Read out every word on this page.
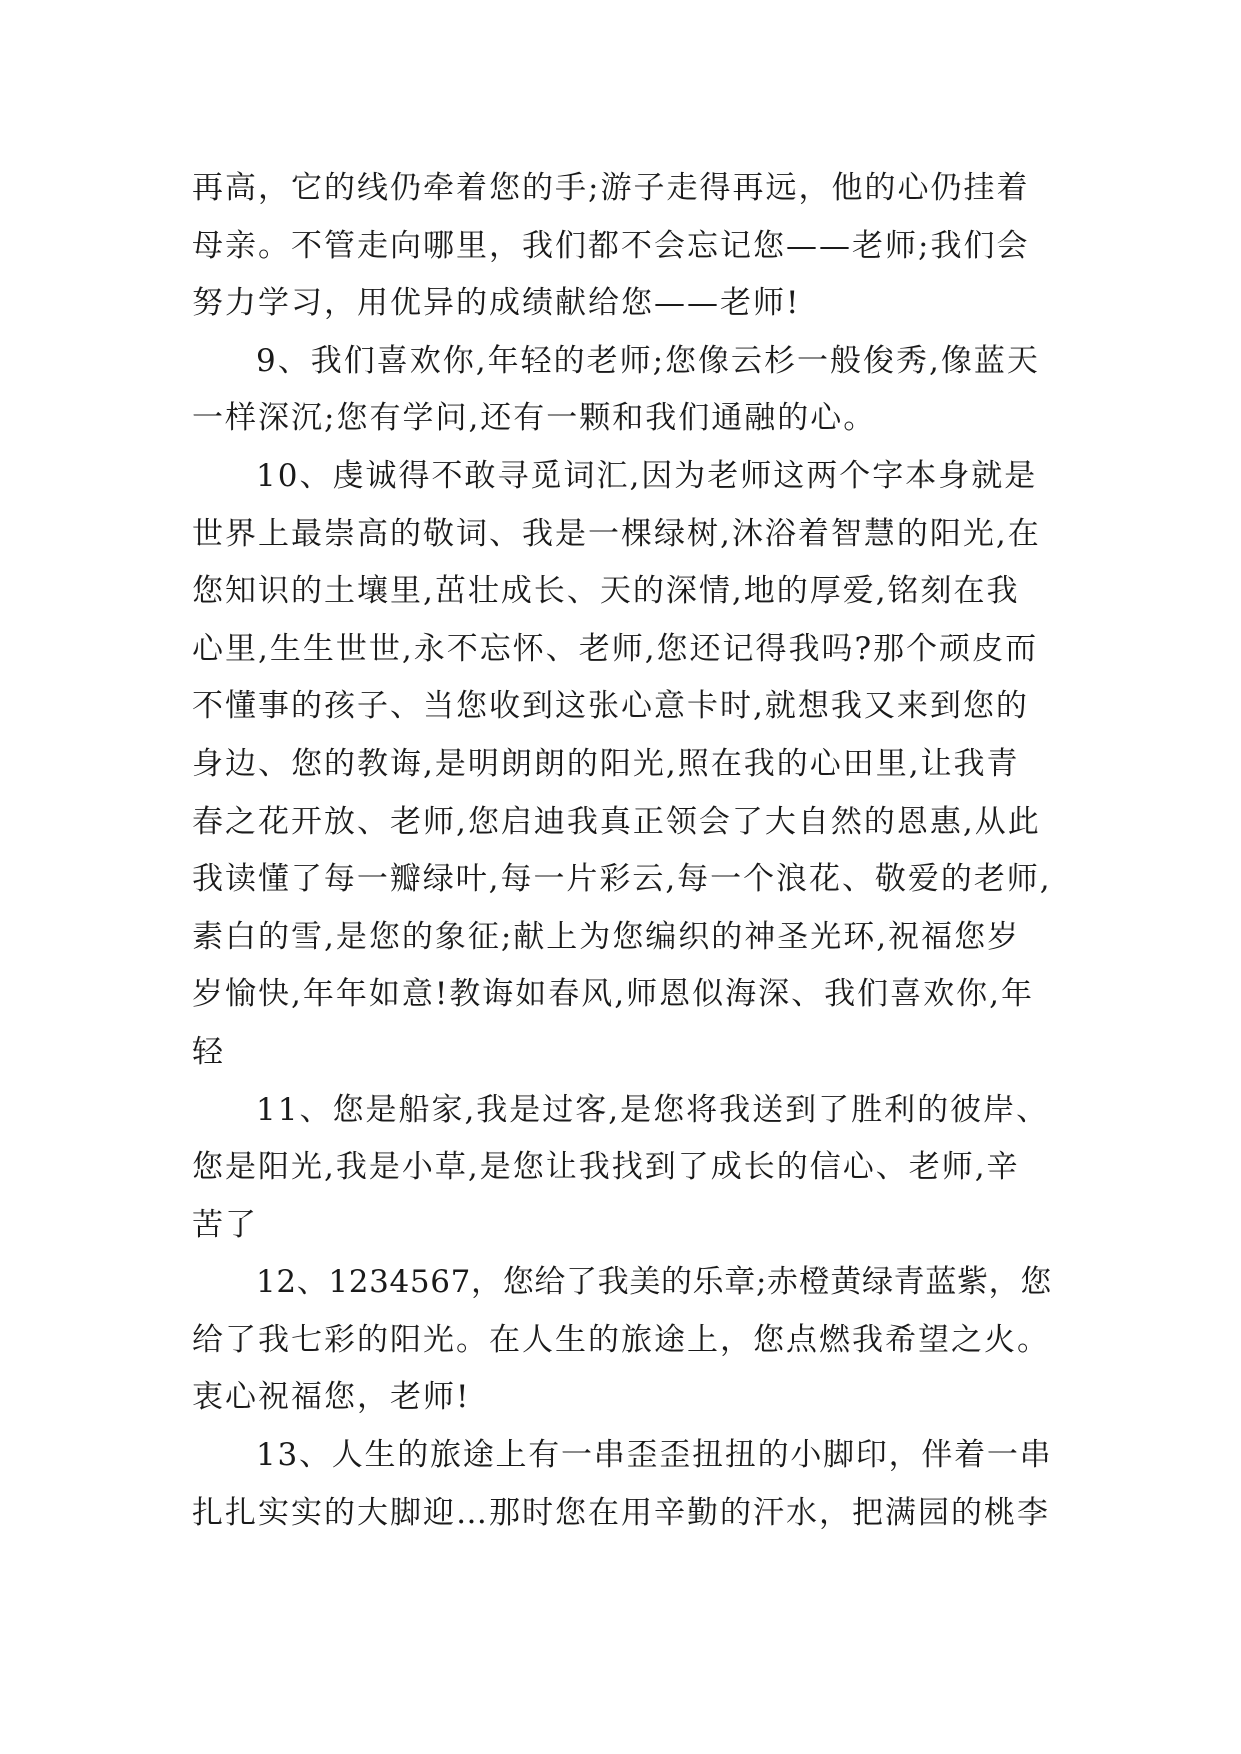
再高，它的线仍牵着您的手;游子走得再远，他的心仍挂着
母亲。不管走向哪里，我们都不会忘记您——老师;我们会
努力学习，用优异的成绩献给您——老师!
9、我们喜欢你,年轻的老师;您像云杉一般俊秀,像蓝天
一样深沉;您有学问,还有一颗和我们通融的心。
10、虔诚得不敢寻觅词汇,因为老师这两个字本身就是
世界上最崇高的敬词、我是一棵绿树,沐浴着智慧的阳光,在
您知识的土壤里,茁壮成长、天的深情,地的厚爱,铭刻在我
心里,生生世世,永不忘怀、老师,您还记得我吗?那个顽皮而
不懂事的孩子、当您收到这张心意卡时,就想我又来到您的
身边、您的教诲,是明朗朗的阳光,照在我的心田里,让我青
春之花开放、老师,您启迪我真正领会了大自然的恩惠,从此
我读懂了每一瓣绿叶,每一片彩云,每一个浪花、敬爱的老师,
素白的雪,是您的象征;献上为您编织的神圣光环,祝福您岁
岁愉快,年年如意!教诲如春风,师恩似海深、我们喜欢你,年
轻
11、您是船家,我是过客,是您将我送到了胜利的彼岸、
您是阳光,我是小草,是您让我找到了成长的信心、老师,辛
苦了
12、1234567，您给了我美的乐章;赤橙黄绿青蓝紫，您
给了我七彩的阳光。在人生的旅途上，您点燃我希望之火。
衷心祝福您，老师!
13、人生的旅途上有一串歪歪扭扭的小脚印，伴着一串
扎扎实实的大脚迎…那时您在用辛勤的汗水，把满园的桃李
